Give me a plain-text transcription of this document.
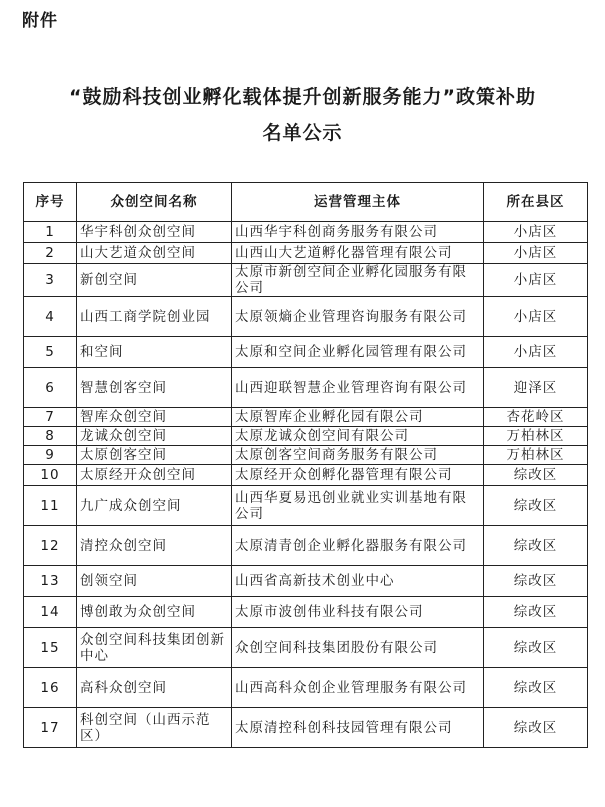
附件
“鼓励科技创业孵化载体提升创新服务能力”政策补助
名单公示
序号	众创空间名称	运营管理主体	所在县区
1	华宇科创众创空间	山西华宇科创商务服务有限公司	小店区
2	山大艺道众创空间	山西山大艺道孵化器管理有限公司	小店区
3	新创空间	太原市新创空间企业孵化园服务有限公司	小店区
4	山西工商学院创业园	太原领熵企业管理咨询服务有限公司	小店区
5	和空间	太原和空间企业孵化园管理有限公司	小店区
6	智慧创客空间	山西迎联智慧企业管理咨询有限公司	迎泽区
7	智库众创空间	太原智库企业孵化园有限公司	杏花岭区
8	龙诚众创空间	太原龙诚众创空间有限公司	万柏林区
9	太原创客空间	太原创客空间商务服务有限公司	万柏林区
10	太原经开众创空间	太原经开众创孵化器管理有限公司	综改区
11	九广成众创空间	山西华夏易迅创业就业实训基地有限公司	综改区
12	清控众创空间	太原清青创企业孵化器服务有限公司	综改区
13	创领空间	山西省高新技术创业中心	综改区
14	博创敢为众创空间	太原市波创伟业科技有限公司	综改区
15	众创空间科技集团创新中心	众创空间科技集团股份有限公司	综改区
16	高科众创空间	山西高科众创企业管理服务有限公司	综改区
17	科创空间（山西示范区）	太原清控科创科技园管理有限公司	综改区
